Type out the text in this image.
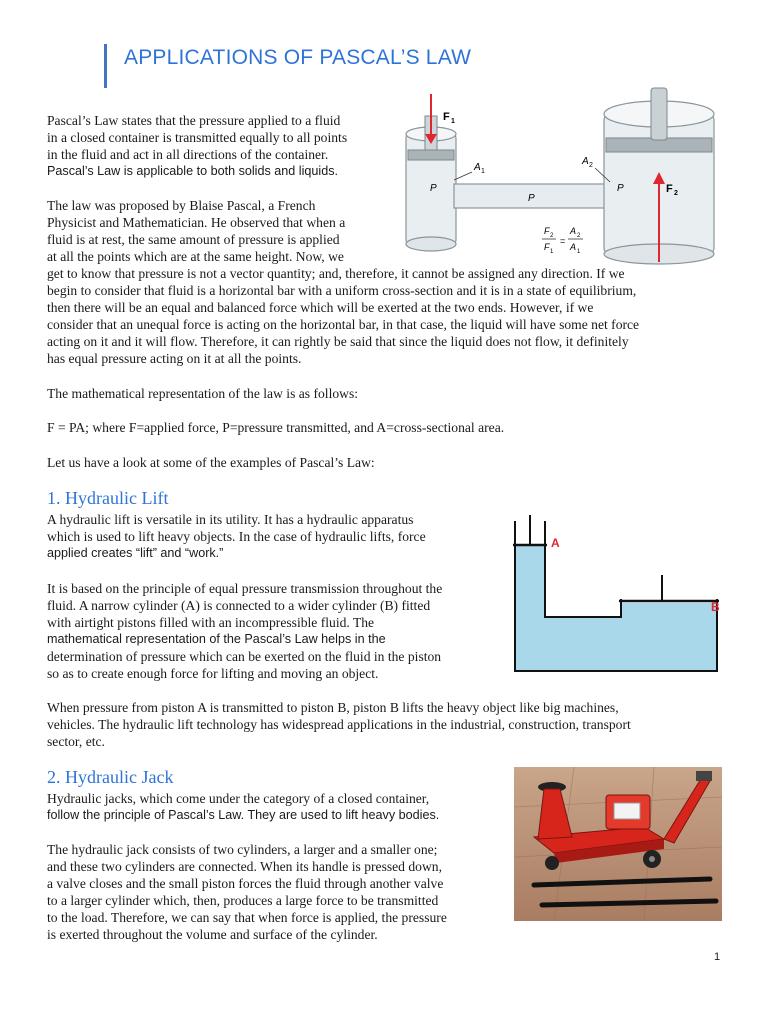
APPLICATIONS OF PASCAL’S LAW
Pascal’s Law states that the pressure applied to a fluid
in a closed container is transmitted equally to all points
in the fluid and act in all directions of the container.
Pascal’s Law is applicable to both solids and liquids.
F 1
F 2
A 1
A 2
P
P
P
F 2
F 1
=
A 2
A 1
The law was proposed by Blaise Pascal, a French
Physicist and Mathematician. He observed that when a
fluid is at rest, the same amount of pressure is applied
at all the points which are at the same height. Now, we
get to know that pressure is not a vector quantity; and, therefore, it cannot be assigned any direction. If we
begin to consider that fluid is a horizontal bar with a uniform cross-section and it is in a state of equilibrium,
then there will be an equal and balanced force which will be exerted at the two ends. However, if we
consider that an unequal force is acting on the horizontal bar, in that case, the liquid will have some net force
acting on it and it will flow. Therefore, it can rightly be said that since the liquid does not flow, it definitely
has equal pressure acting on it at all the points.
The mathematical representation of the law is as follows:
F = PA; where F=applied force, P=pressure transmitted, and A=cross-sectional area.
Let us have a look at some of the examples of Pascal’s Law:
1. Hydraulic Lift
A hydraulic lift is versatile in its utility. It has a hydraulic apparatus
which is used to lift heavy objects. In the case of hydraulic lifts, force
applied creates “lift” and “work.”
It is based on the principle of equal pressure transmission throughout the
fluid. A narrow cylinder (A) is connected to a wider cylinder (B) fitted
with airtight pistons filled with an incompressible fluid. The
mathematical representation of the Pascal’s Law helps in the
determination of pressure which can be exerted on the fluid in the piston
so as to create enough force for lifting and moving an object.
A
B
When pressure from piston A is transmitted to piston B, piston B lifts the heavy object like big machines,
vehicles. The hydraulic lift technology has widespread applications in the industrial, construction, transport
sector, etc.
2. Hydraulic Jack
Hydraulic jacks, which come under the category of a closed container,
follow the principle of Pascal’s Law. They are used to lift heavy bodies.
The hydraulic jack consists of two cylinders, a larger and a smaller one;
and these two cylinders are connected. When its handle is pressed down,
a valve closes and the small piston forces the fluid through another valve
to a larger cylinder which, then, produces a large force to be transmitted
to the load. Therefore, we can say that when force is applied, the pressure
is exerted throughout the volume and surface of the cylinder.
1
